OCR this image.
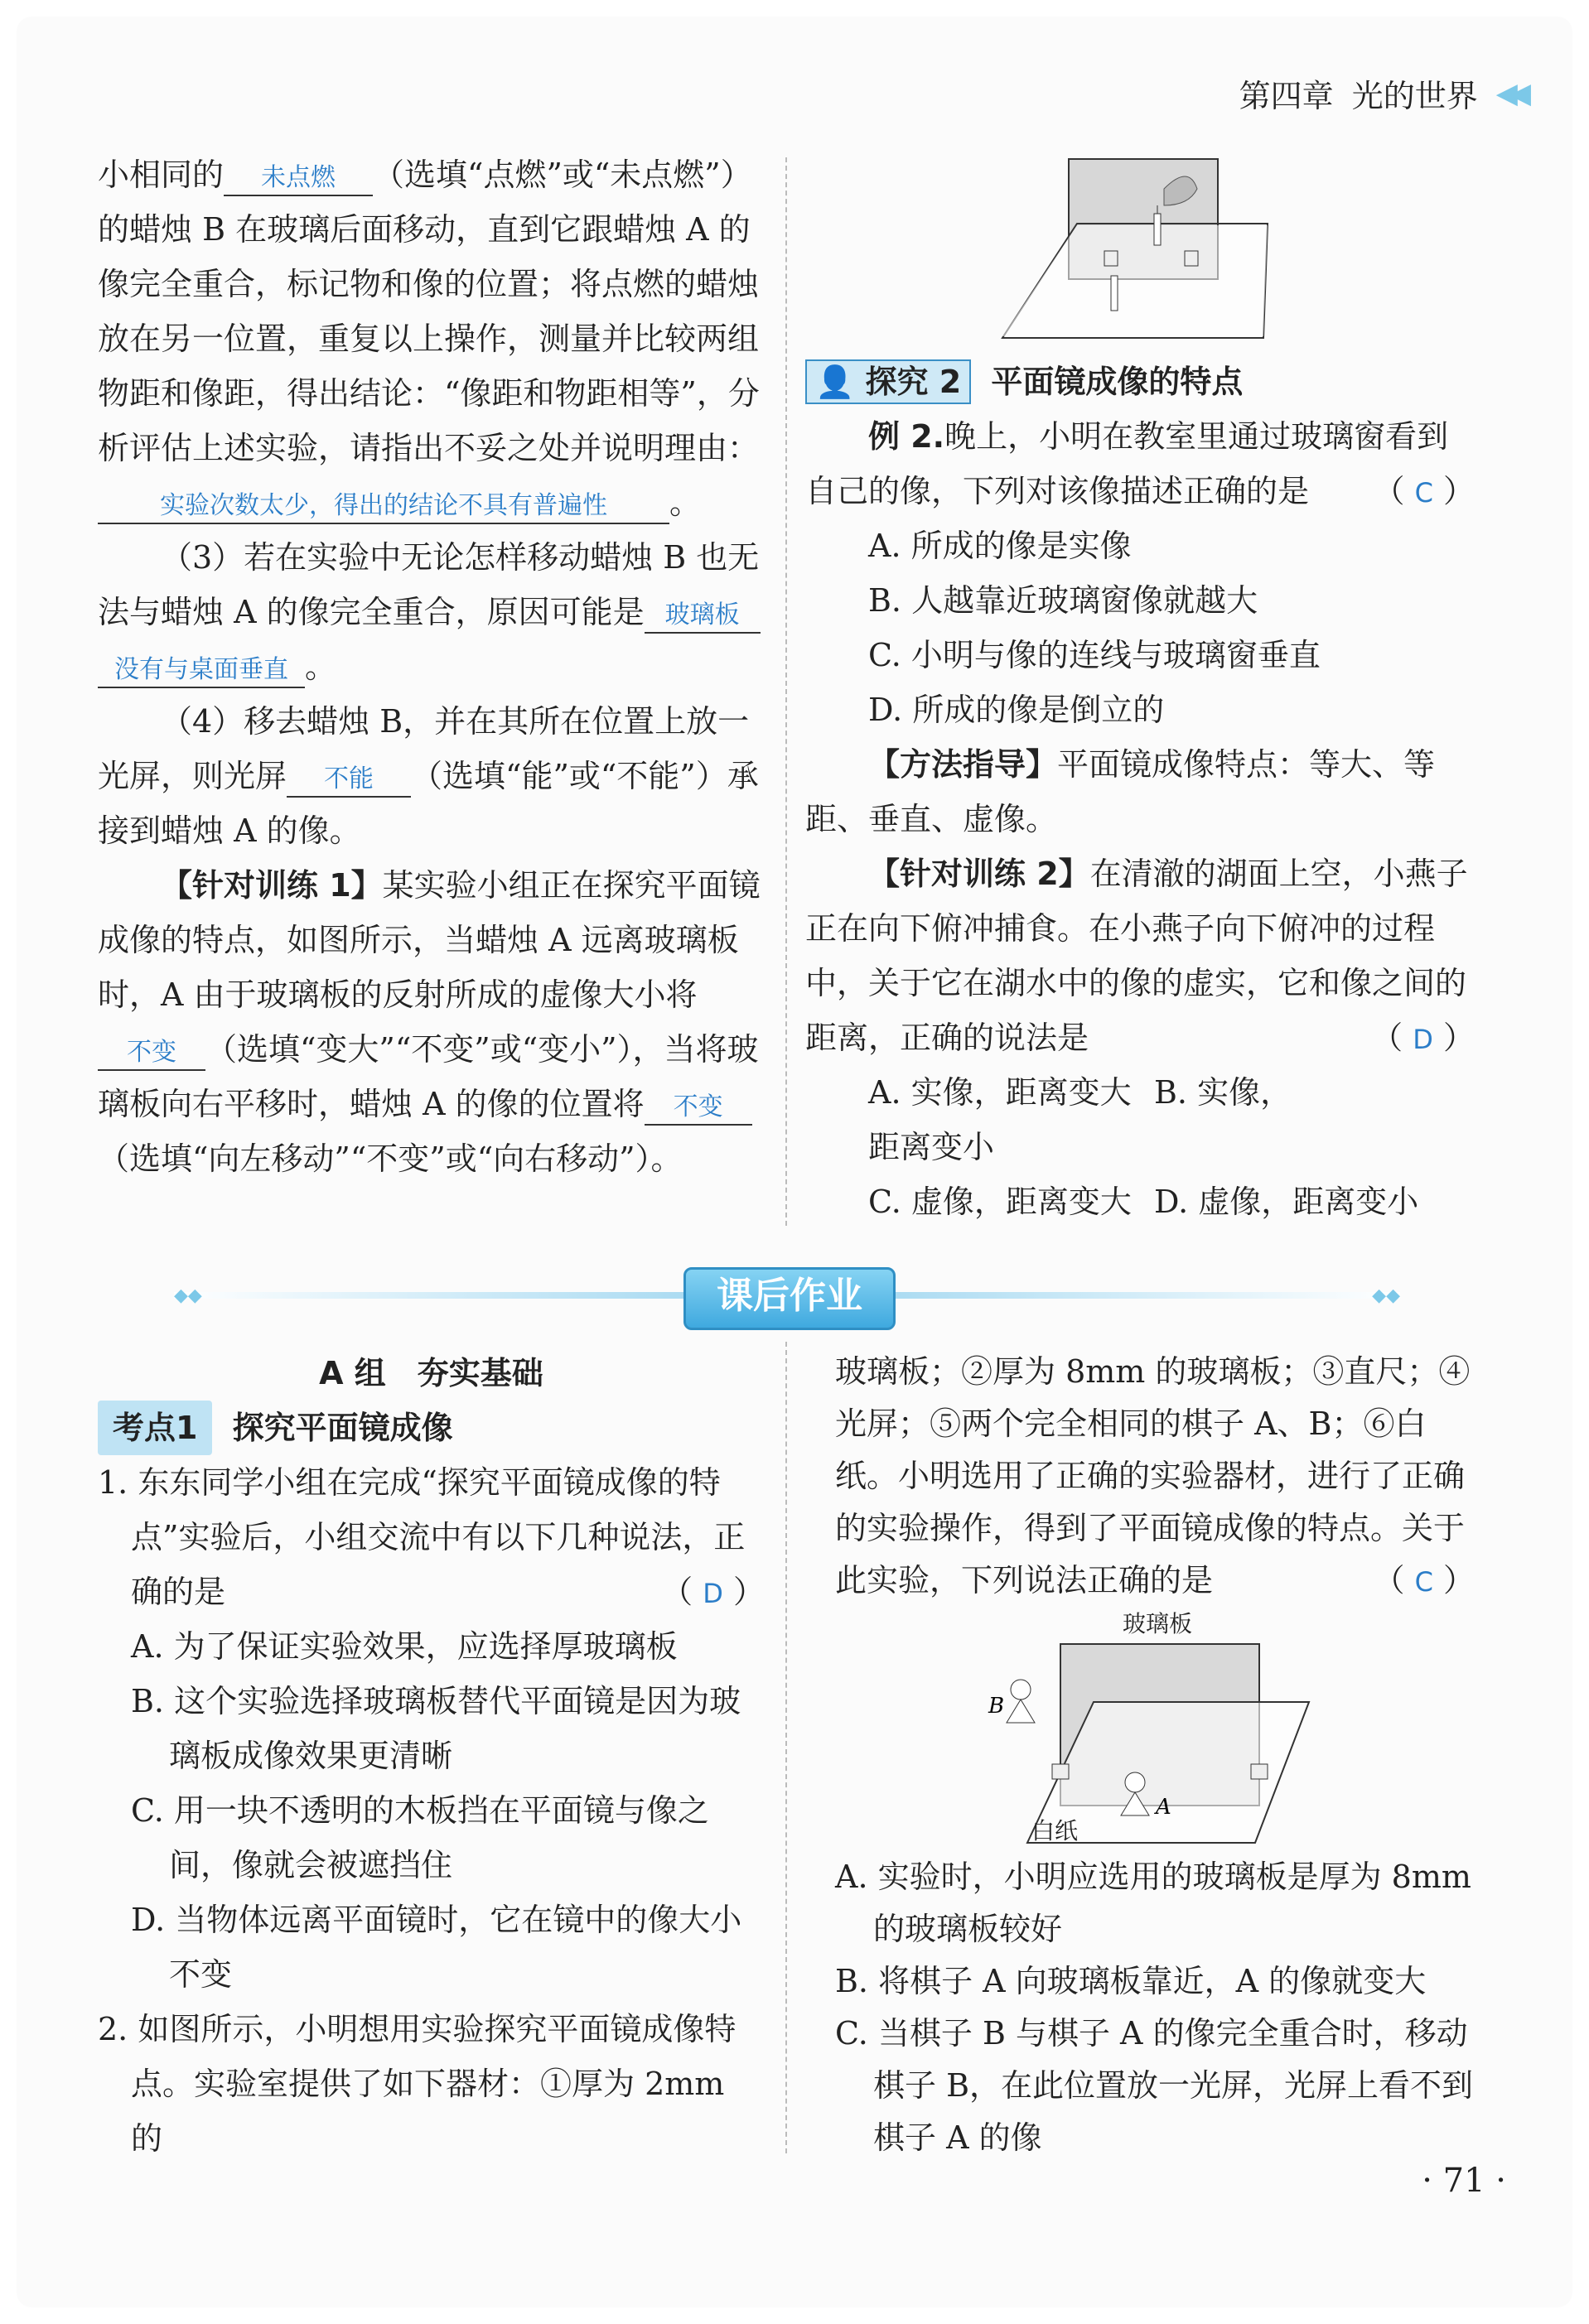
第四章 光的世界 ◀◀

小相同的 未点燃 （选填“点燃”或“未点燃”）的蜡烛 B 在玻璃后面移动，直到它跟蜡烛 A 的像完全重合，标记物和像的位置；将点燃的蜡烛放在另一位置，重复以上操作，测量并比较两组物距和像距，得出结论：“像距和物距相等”，分析评估上述实验，请指出不妥之处并说明理由： 实验次数太少，得出的结论不具有普遍性 。

（3）若在实验中无论怎样移动蜡烛 B 也无法与蜡烛 A 的像完全重合，原因可能是 玻璃板没有与桌面垂直 。

（4）移去蜡烛 B，并在其所在位置上放一光屏，则光屏 不能 （选填“能”或“不能”）承接到蜡烛 A 的像。

【针对训练 1】某实验小组正在探究平面镜成像的特点，如图所示，当蜡烛 A 远离玻璃板时，A 由于玻璃板的反射所成的虚像大小将不变 （选填“变大”“不变”或“变小”），当将玻璃板向右平移时，蜡烛 A 的像的位置将 不变（选填“向左移动”“不变”或“向右移动”）。

👤 探究 2 平面镜成像的特点

例 2.晚上，小明在教室里通过玻璃窗看到自己的像，下列对该像描述正确的是	（ C ）

A. 所成的像是实像

B. 人越靠近玻璃窗像就越大

C. 小明与像的连线与玻璃窗垂直

D. 所成的像是倒立的

【方法指导】平面镜成像特点：等大、等距、垂直、虚像。

【针对训练 2】在清澈的湖面上空，小燕子正在向下俯冲捕食。在小燕子向下俯冲的过程中，关于它在湖水中的像的虚实，它和像之间的距离，正确的说法是	（ D ）

A. 实像，距离变大 B. 实像，距离变小

C. 虚像，距离变大 D. 虚像，距离变小

◆◆	◆◆
课后作业

A 组　夯实基础

考点1 探究平面镜成像

1. 东东同学小组在完成“探究平面镜成像的特点”实验后，小组交流中有以下几种说法，正确的是	（ D ）

A. 为了保证实验效果，应选择厚玻璃板

B. 这个实验选择玻璃板替代平面镜是因为玻璃板成像效果更清晰

C. 用一块不透明的木板挡在平面镜与像之间，像就会被遮挡住

D. 当物体远离平面镜时，它在镜中的像大小不变

2. 如图所示，小明想用实验探究平面镜成像特点。实验室提供了如下器材：①厚为 2mm 的

玻璃板；②厚为 8mm 的玻璃板；③直尺；④光屏；⑤两个完全相同的棋子 A、B；⑥白纸。小明选用了正确的实验器材，进行了正确的实验操作，得到了平面镜成像的特点。关于此实验，下列说法正确的是	（ C ）

玻璃板
B
A
白纸

A. 实验时，小明应选用的玻璃板是厚为 8mm 的玻璃板较好

B. 将棋子 A 向玻璃板靠近，A 的像就变大

C. 当棋子 B 与棋子 A 的像完全重合时，移动棋子 B，在此位置放一光屏，光屏上看不到棋子 A 的像

· 71 ·
